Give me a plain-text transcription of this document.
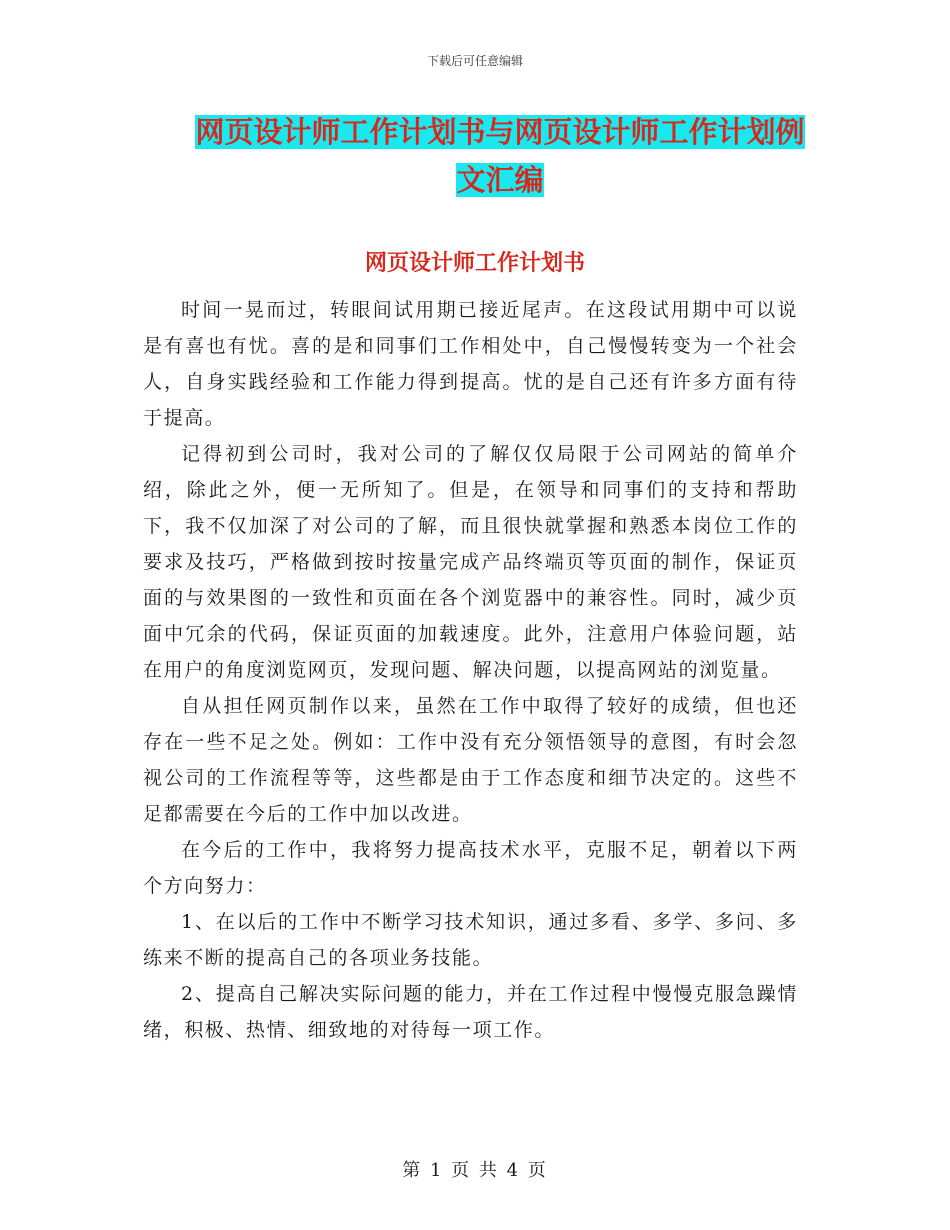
下载后可任意编辑
网页设计师工作计划书与网页设计师工作计划例文汇编
网页设计师工作计划书

时间一晃而过，转眼间试用期已接近尾声。在这段试用期中可以说是有喜也有忧。喜的是和同事们工作相处中，自己慢慢转变为一个社会人，自身实践经验和工作能力得到提高。忧的是自己还有许多方面有待于提高。

记得初到公司时，我对公司的了解仅仅局限于公司网站的简单介绍，除此之外，便一无所知了。但是，在领导和同事们的支持和帮助下，我不仅加深了对公司的了解，而且很快就掌握和熟悉本岗位工作的要求及技巧，严格做到按时按量完成产品终端页等页面的制作，保证页面的与效果图的一致性和页面在各个浏览器中的兼容性。同时，减少页面中冗余的代码，保证页面的加载速度。此外，注意用户体验问题，站在用户的角度浏览网页，发现问题、解决问题，以提高网站的浏览量。

自从担任网页制作以来，虽然在工作中取得了较好的成绩，但也还存在一些不足之处。例如：工作中没有充分领悟领导的意图，有时会忽视公司的工作流程等等，这些都是由于工作态度和细节决定的。这些不足都需要在今后的工作中加以改进。

在今后的工作中，我将努力提高技术水平，克服不足，朝着以下两个方向努力：

1、在以后的工作中不断学习技术知识，通过多看、多学、多问、多练来不断的提高自己的各项业务技能。

2、提高自己解决实际问题的能力，并在工作过程中慢慢克服急躁情绪，积极、热情、细致地的对待每一项工作。

第 1 页 共 4 页
